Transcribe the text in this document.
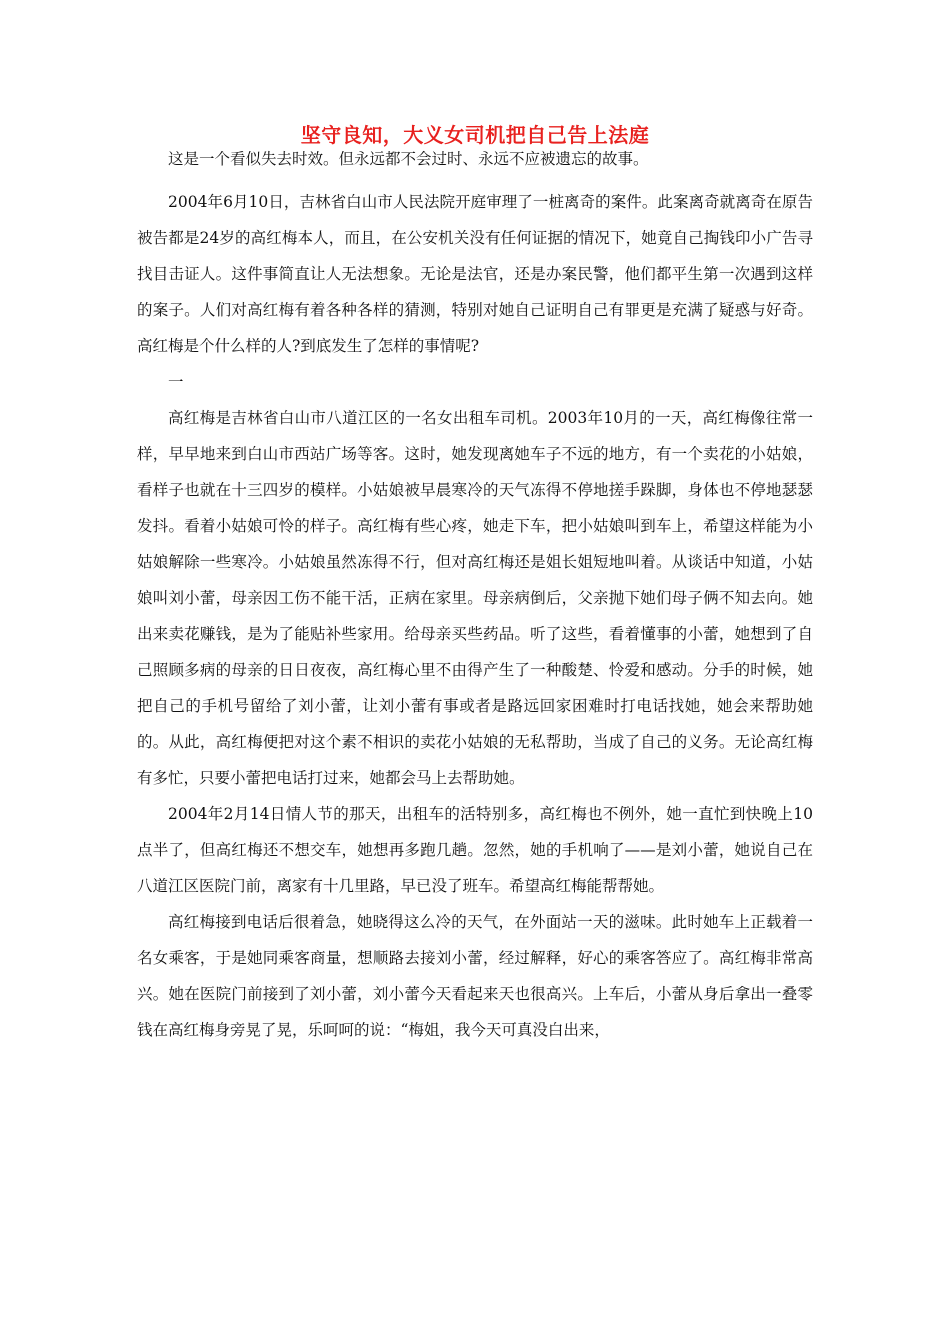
坚守良知，大义女司机把自己告上法庭

这是一个看似失去时效。但永远都不会过时、永远不应被遗忘的故事。

2004年6月10日，吉林省白山市人民法院开庭审理了一桩离奇的案件。此案离奇就离奇在原告被告都是24岁的高红梅本人，而且，在公安机关没有任何证据的情况下，她竟自己掏钱印小广告寻找目击证人。这件事简直让人无法想象。无论是法官，还是办案民警，他们都平生第一次遇到这样的案子。人们对高红梅有着各种各样的猜测，特别对她自己证明自己有罪更是充满了疑惑与好奇。高红梅是个什么样的人?到底发生了怎样的事情呢?

一

高红梅是吉林省白山市八道江区的一名女出租车司机。2003年10月的一天，高红梅像往常一样，早早地来到白山市西站广场等客。这时，她发现离她车子不远的地方，有一个卖花的小姑娘，看样子也就在十三四岁的模样。小姑娘被早晨寒冷的天气冻得不停地搓手跺脚，身体也不停地瑟瑟发抖。看着小姑娘可怜的样子。高红梅有些心疼，她走下车，把小姑娘叫到车上，希望这样能为小姑娘解除一些寒冷。小姑娘虽然冻得不行，但对高红梅还是姐长姐短地叫着。从谈话中知道，小姑娘叫刘小蕾，母亲因工伤不能干活，正病在家里。母亲病倒后，父亲抛下她们母子俩不知去向。她出来卖花赚钱，是为了能贴补些家用。给母亲买些药品。听了这些，看着懂事的小蕾，她想到了自己照顾多病的母亲的日日夜夜，高红梅心里不由得产生了一种酸楚、怜爱和感动。分手的时候，她把自己的手机号留给了刘小蕾，让刘小蕾有事或者是路远回家困难时打电话找她，她会来帮助她的。从此，高红梅便把对这个素不相识的卖花小姑娘的无私帮助，当成了自己的义务。无论高红梅有多忙，只要小蕾把电话打过来，她都会马上去帮助她。

2004年2月14日情人节的那天，出租车的活特别多，高红梅也不例外，她一直忙到快晚上10点半了，但高红梅还不想交车，她想再多跑几趟。忽然，她的手机响了——是刘小蕾，她说自己在八道江区医院门前，离家有十几里路，早已没了班车。希望高红梅能帮帮她。

高红梅接到电话后很着急，她晓得这么冷的天气，在外面站一天的滋味。此时她车上正载着一名女乘客，于是她同乘客商量，想顺路去接刘小蕾，经过解释，好心的乘客答应了。高红梅非常高兴。她在医院门前接到了刘小蕾，刘小蕾今天看起来天也很高兴。上车后，小蕾从身后拿出一叠零钱在高红梅身旁晃了晃，乐呵呵的说：“梅姐，我今天可真没白出来，
